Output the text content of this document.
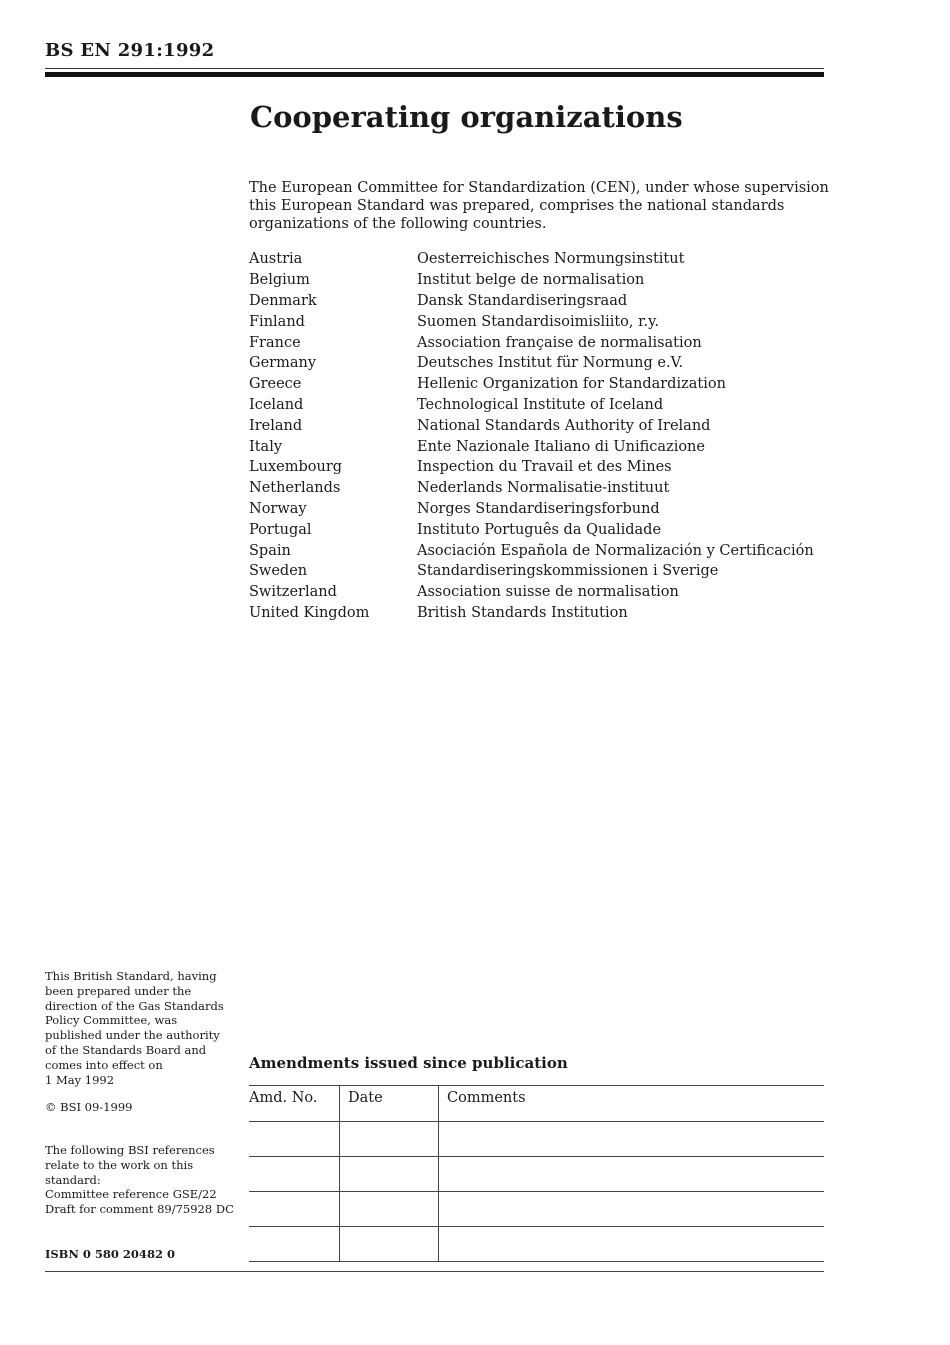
BS EN 291:1992
Cooperating organizations

The European Committee for Standardization (CEN), under whose supervision this European Standard was prepared, comprises the national standards organizations of the following countries.

Austria	Oesterreichisches Normungsinstitut
Belgium	Institut belge de normalisation
Denmark	Dansk Standardiseringsraad
Finland	Suomen Standardisoimisliito, r.y.
France	Association française de normalisation
Germany	Deutsches Institut für Normung e.V.
Greece	Hellenic Organization for Standardization
Iceland	Technological Institute of Iceland
Ireland	National Standards Authority of Ireland
Italy	Ente Nazionale Italiano di Unificazione
Luxembourg	Inspection du Travail et des Mines
Netherlands	Nederlands Normalisatie-instituut
Norway	Norges Standardiseringsforbund
Portugal	Instituto Português da Qualidade
Spain	Asociación Española de Normalización y Certificación
Sweden	Standardiseringskommissionen i Sverige
Switzerland	Association suisse de normalisation
United Kingdom	British Standards Institution

This British Standard, having
been prepared under the
direction of the Gas Standards
Policy Committee, was
published under the authority
of the Standards Board and
comes into effect on
1 May 1992

© BSI 09-1999

The following BSI references
relate to the work on this
standard:
Committee reference GSE/22
Draft for comment 89/75928 DC

ISBN 0 580 20482 0

Amendments issued since publication
Amd. No.	Date	Comments
